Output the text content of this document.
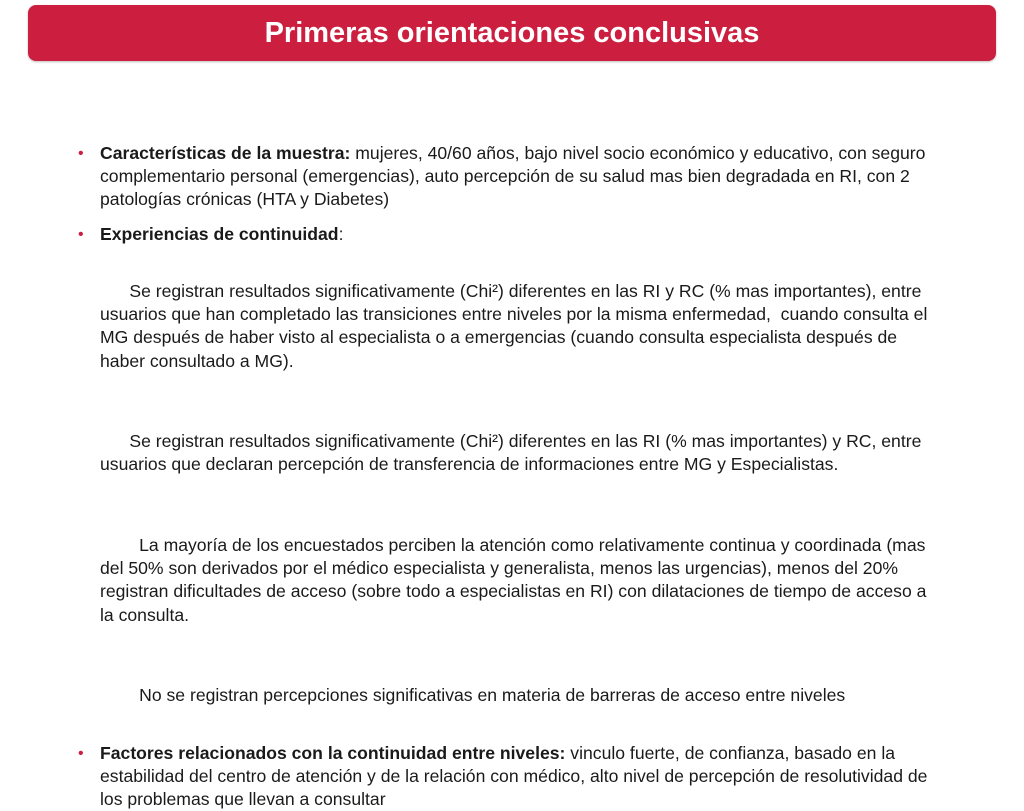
Primeras orientaciones conclusivas
• Características de la muestra: mujeres, 40/60 años, bajo nivel socio económico y educativo, con seguro complementario personal (emergencias), auto percepción de su salud mas bien degradada en RI, con 2 patologías crónicas (HTA y Diabetes)
• Experiencias de continuidad:

Se registran resultados significativamente (Chi²) diferentes en las RI y RC (% mas importantes), entre usuarios que han completado las transiciones entre niveles por la misma enfermedad,  cuando consulta el MG después de haber visto al especialista o a emergencias (cuando consulta especialista después de haber consultado a MG).

Se registran resultados significativamente (Chi²) diferentes en las RI (% mas importantes) y RC, entre usuarios que declaran percepción de transferencia de informaciones entre MG y Especialistas.

La mayoría de los encuestados perciben la atención como relativamente continua y coordinada (mas del 50% son derivados por el médico especialista y generalista, menos las urgencias), menos del 20% registran dificultades de acceso (sobre todo a especialistas en RI) con dilataciones de tiempo de acceso a la consulta.

No se registran percepciones significativas en materia de barreras de acceso entre niveles

• Factores relacionados con la continuidad entre niveles: vinculo fuerte, de confianza, basado en la estabilidad del centro de atención y de la relación con médico, alto nivel de percepción de resolutividad de los problemas que llevan a consultar
